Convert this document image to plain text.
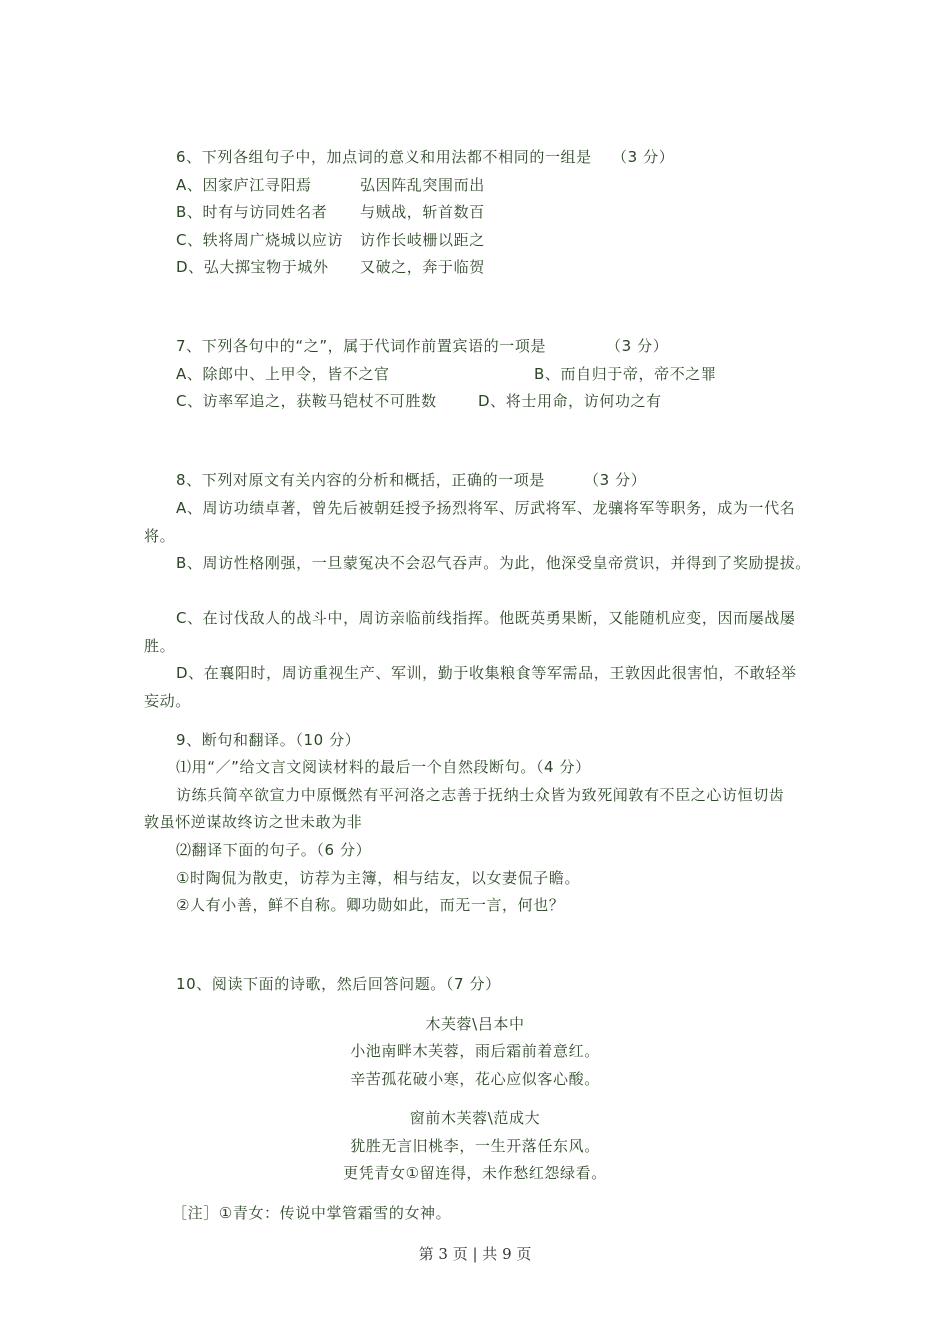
6、下列各组句子中，加点词的意义和用法都不相同的一组是 （3 分）
A、因家庐江寻阳焉	弘因阵乱突围而出
B、时有与访同姓名者 与贼战，斩首数百
C、轶将周广烧城以应访 访作长岐栅以距之
D、弘大掷宝物于城外 又破之，奔于临贺
7、下列各句中的“之”，属于代词作前置宾语的一项是	（3 分）
A、除郎中、上甲令，皆不之官	B、而自归于帝，帝不之罪
C、访率军追之，获鞍马铠杖不可胜数	D、将士用命，访何功之有
8、下列对原文有关内容的分析和概括，正确的一项是	（3 分）
A、周访功绩卓著，曾先后被朝廷授予扬烈将军、厉武将军、龙骧将军等职务，成为一代名
将。
B、周访性格刚强，一旦蒙冤决不会忍气吞声。为此，他深受皇帝赏识，并得到了奖励提拔。
C、在讨伐敌人的战斗中，周访亲临前线指挥。他既英勇果断，又能随机应变，因而屡战屡
胜。
D、在襄阳时，周访重视生产、军训，勤于收集粮食等军需品，王敦因此很害怕，不敢轻举
妄动。
9、断句和翻译。（10 分）
⑴用“／”给文言文阅读材料的最后一个自然段断句。（4 分）
访练兵简卒欲宣力中原慨然有平河洛之志善于抚纳士众皆为致死闻敦有不臣之心访恒切齿
敦虽怀逆谋故终访之世未敢为非
⑵翻译下面的句子。（6 分）
①时陶侃为散吏，访荐为主簿，相与结友，以女妻侃子瞻。
②人有小善，鲜不自称。卿功勋如此，而无一言，何也？
10、阅读下面的诗歌，然后回答问题。（7 分）
木芙蓉\吕本中
小池南畔木芙蓉，雨后霜前着意红。
辛苦孤花破小寒，花心应似客心酸。
窗前木芙蓉\范成大
犹胜无言旧桃李，一生开落任东风。
更凭青女①留连得，未作愁红怨绿看。
［注］①青女：传说中掌管霜雪的女神。
第 3 页 | 共 9 页
